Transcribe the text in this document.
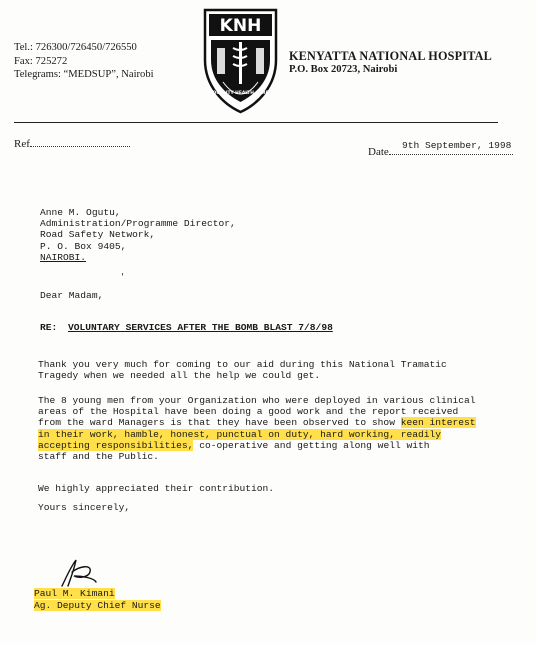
Tel.: 726300/726450/726550
Fax: 725272
Telegrams: “MEDSUP”, Nairobi
KNH
QUALITY HEALTH CARE
KENYATTA NATIONAL HOSPITAL
P.O. Box 20723, Nairobi
Ref
Date
9th September, 1998
Anne M. Ogutu,
Administration/Programme Director,
Road Safety Network,
P. O. Box 9405,
NAIROBI.
'
Dear Madam,
RE: VOLUNTARY SERVICES AFTER THE BOMB BLAST 7/8/98
Thank you very much for coming to our aid during this National Tramatic
Tragedy when we needed all the help we could get.
The 8 young men from your Organization who were deployed in various clinical
areas of the Hospital have been doing a good work and the report received
from the ward Managers is that they have been observed to show keen interest
in their work, hamble, honest, punctual on duty, hard working, readily
accepting responsibilities, co-operative and getting along well with
staff and the Public.
We highly appreciated their contribution.
Yours sincerely,
Paul M. Kimani
Ag. Deputy Chief Nurse
